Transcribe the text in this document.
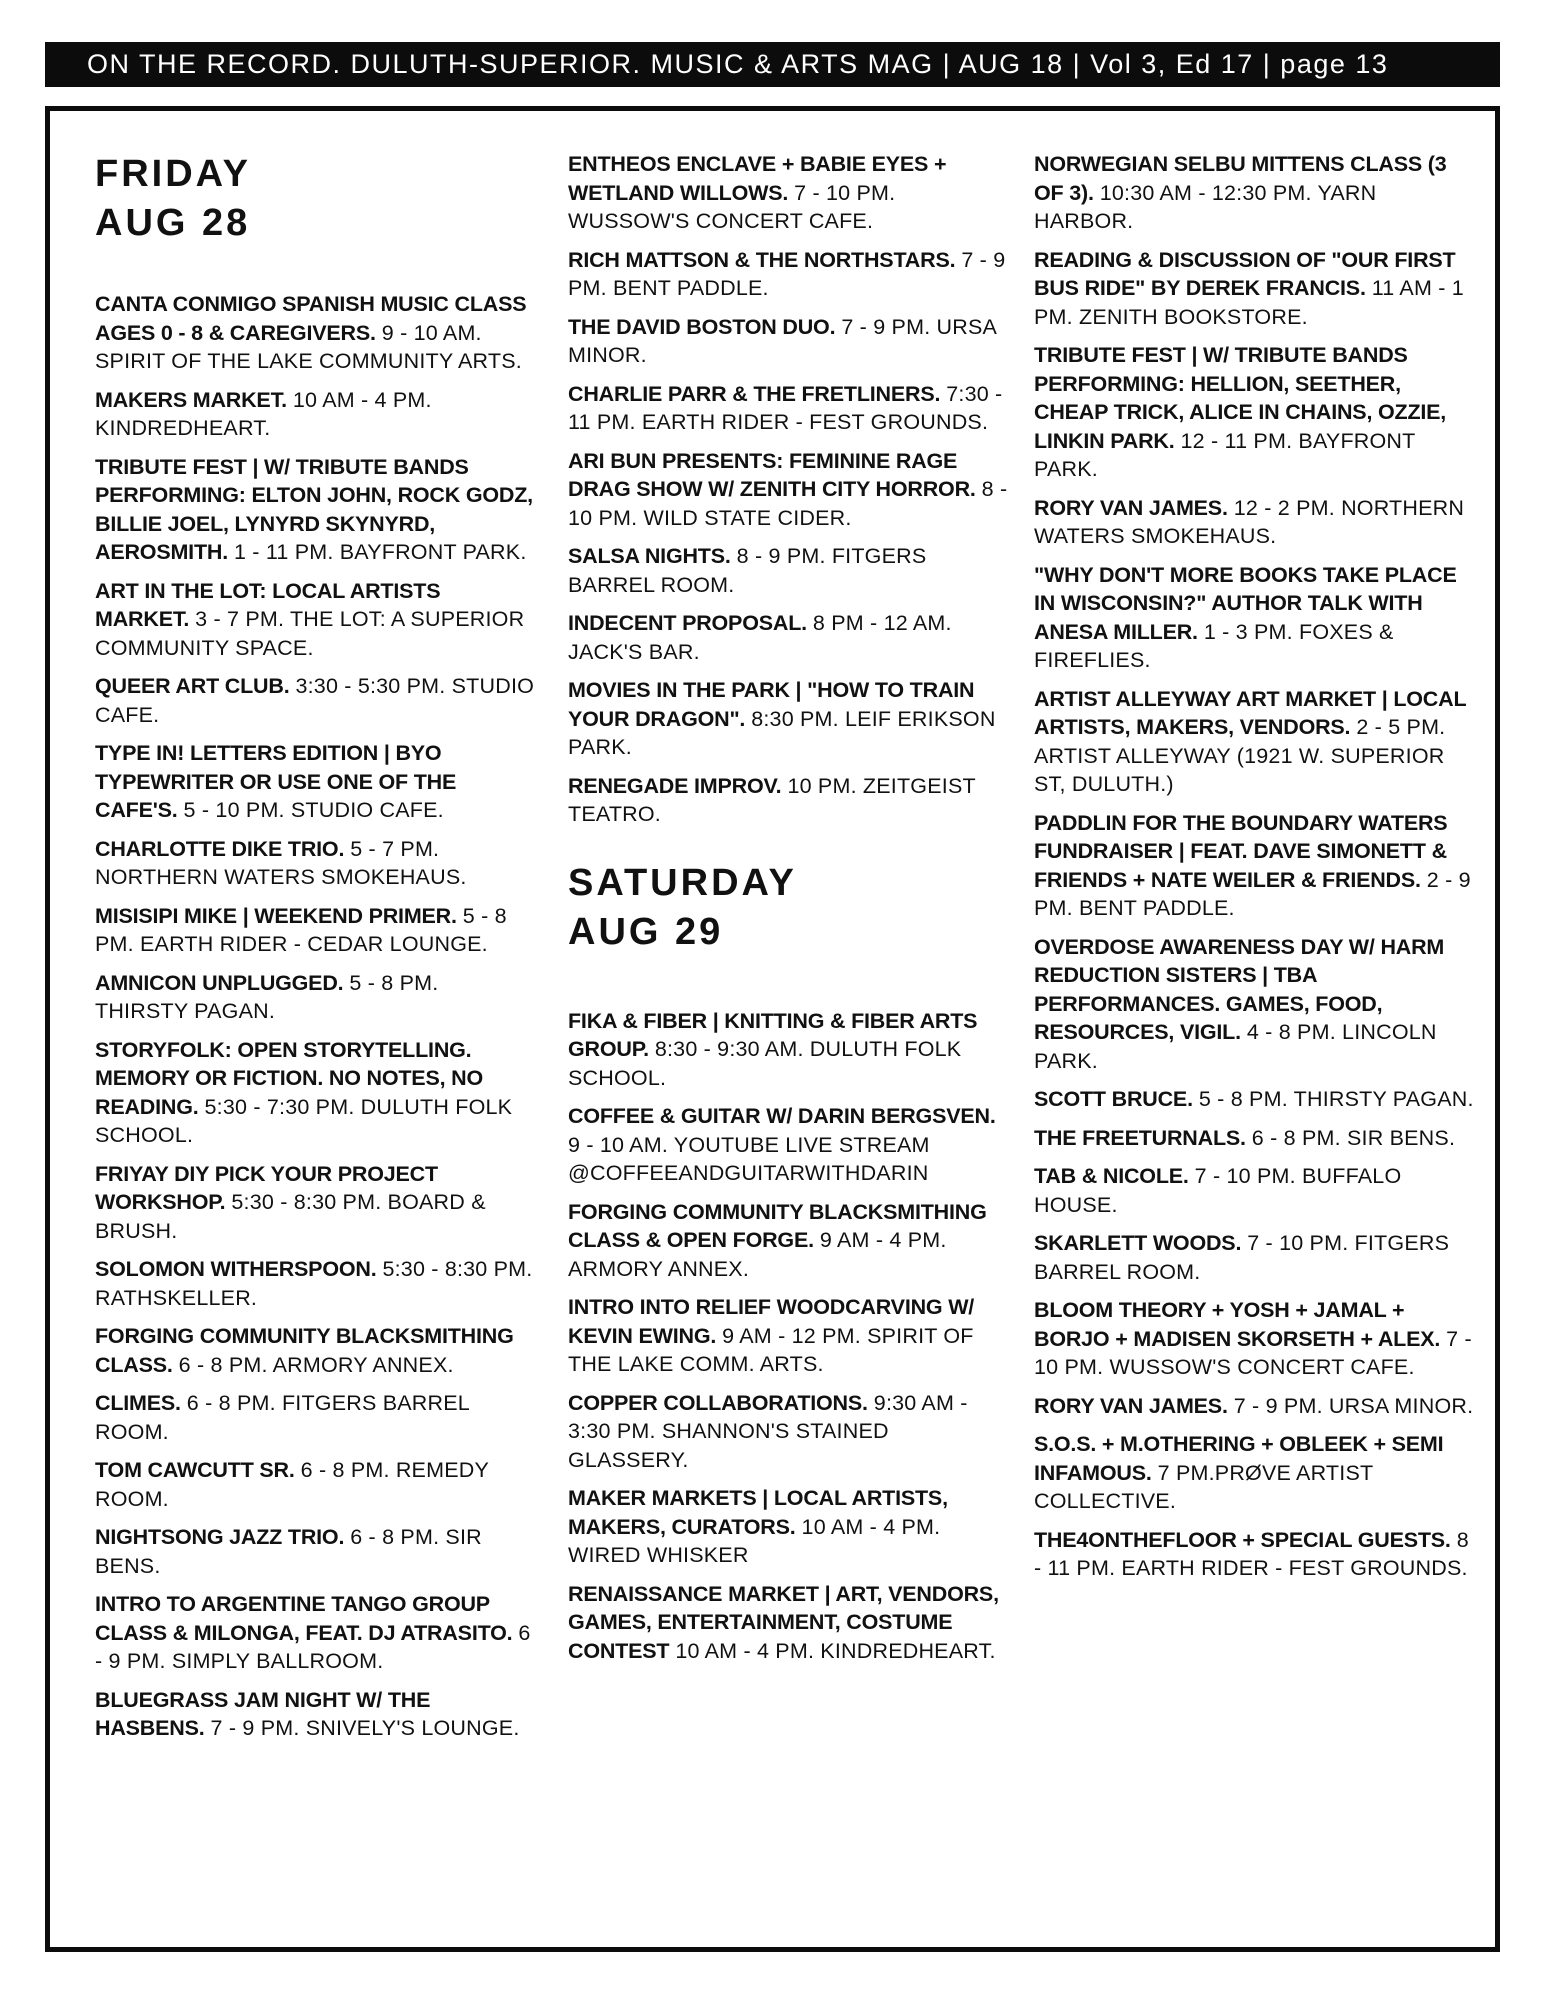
ON THE RECORD. DULUTH-SUPERIOR. MUSIC & ARTS MAG | AUG 18 | Vol 3, Ed 17 | page 13
FRIDAY
AUG 28
CANTA CONMIGO SPANISH MUSIC CLASS AGES 0 - 8 & CAREGIVERS. 9 - 10 AM. SPIRIT OF THE LAKE COMMUNITY ARTS.
MAKERS MARKET. 10 AM - 4 PM. KINDREDHEART.
TRIBUTE FEST | W/ TRIBUTE BANDS PERFORMING: ELTON JOHN, ROCK GODZ, BILLIE JOEL, LYNYRD SKYNYRD, AEROSMITH. 1 - 11 PM. BAYFRONT PARK.
ART IN THE LOT: LOCAL ARTISTS MARKET. 3 - 7 PM. THE LOT: A SUPERIOR COMMUNITY SPACE.
QUEER ART CLUB. 3:30 - 5:30 PM. STUDIO CAFE.
TYPE IN! LETTERS EDITION | BYO TYPEWRITER OR USE ONE OF THE CAFE'S. 5 - 10 PM. STUDIO CAFE.
CHARLOTTE DIKE TRIO. 5 - 7 PM. NORTHERN WATERS SMOKEHAUS.
MISISIPI MIKE | WEEKEND PRIMER. 5 - 8 PM. EARTH RIDER - CEDAR LOUNGE.
AMNICON UNPLUGGED. 5 - 8 PM. THIRSTY PAGAN.
STORYFOLK: OPEN STORYTELLING. MEMORY OR FICTION. NO NOTES, NO READING. 5:30 - 7:30 PM. DULUTH FOLK SCHOOL.
FRIYAY DIY PICK YOUR PROJECT WORKSHOP. 5:30 - 8:30 PM. BOARD & BRUSH.
SOLOMON WITHERSPOON. 5:30 - 8:30 PM. RATHSKELLER.
FORGING COMMUNITY BLACKSMITHING CLASS. 6 - 8 PM. ARMORY ANNEX.
CLIMES. 6 - 8 PM. FITGERS BARREL ROOM.
TOM CAWCUTT SR. 6 - 8 PM. REMEDY ROOM.
NIGHTSONG JAZZ TRIO. 6 - 8 PM. SIR BENS.
INTRO TO ARGENTINE TANGO GROUP CLASS & MILONGA, FEAT. DJ ATRASITO. 6 - 9 PM. SIMPLY BALLROOM.
BLUEGRASS JAM NIGHT W/ THE HASBENS. 7 - 9 PM. SNIVELY'S LOUNGE.
ENTHEOS ENCLAVE + BABIE EYES + WETLAND WILLOWS. 7 - 10 PM. WUSSOW'S CONCERT CAFE.
RICH MATTSON & THE NORTHSTARS. 7 - 9 PM. BENT PADDLE.
THE DAVID BOSTON DUO. 7 - 9 PM. URSA MINOR.
CHARLIE PARR & THE FRETLINERS. 7:30 - 11 PM. EARTH RIDER - FEST GROUNDS.
ARI BUN PRESENTS: FEMININE RAGE DRAG SHOW W/ ZENITH CITY HORROR. 8 - 10 PM. WILD STATE CIDER.
SALSA NIGHTS. 8 - 9 PM. FITGERS BARREL ROOM.
INDECENT PROPOSAL. 8 PM - 12 AM. JACK'S BAR.
MOVIES IN THE PARK | "HOW TO TRAIN YOUR DRAGON". 8:30 PM. LEIF ERIKSON PARK.
RENEGADE IMPROV. 10 PM. ZEITGEIST TEATRO.
SATURDAY
AUG 29
FIKA & FIBER | KNITTING & FIBER ARTS GROUP. 8:30 - 9:30 AM. DULUTH FOLK SCHOOL.
COFFEE & GUITAR W/ DARIN BERGSVEN. 9 - 10 AM. YOUTUBE LIVE STREAM @COFFEEANDGUITARWITHDARIN
FORGING COMMUNITY BLACKSMITHING CLASS & OPEN FORGE. 9 AM - 4 PM. ARMORY ANNEX.
INTRO INTO RELIEF WOODCARVING W/ KEVIN EWING. 9 AM - 12 PM. SPIRIT OF THE LAKE COMM. ARTS.
COPPER COLLABORATIONS. 9:30 AM - 3:30 PM. SHANNON'S STAINED GLASSERY.
MAKER MARKETS | LOCAL ARTISTS, MAKERS, CURATORS. 10 AM - 4 PM. WIRED WHISKER
RENAISSANCE MARKET | ART, VENDORS, GAMES, ENTERTAINMENT, COSTUME CONTEST 10 AM - 4 PM. KINDREDHEART.
NORWEGIAN SELBU MITTENS CLASS (3 OF 3). 10:30 AM - 12:30 PM. YARN HARBOR.
READING & DISCUSSION OF "OUR FIRST BUS RIDE" BY DEREK FRANCIS. 11 AM - 1 PM. ZENITH BOOKSTORE.
TRIBUTE FEST | W/ TRIBUTE BANDS PERFORMING: HELLION, SEETHER, CHEAP TRICK, ALICE IN CHAINS, OZZIE, LINKIN PARK. 12 - 11 PM. BAYFRONT PARK.
RORY VAN JAMES. 12 - 2 PM. NORTHERN WATERS SMOKEHAUS.
"WHY DON'T MORE BOOKS TAKE PLACE IN WISCONSIN?" AUTHOR TALK WITH ANESA MILLER. 1 - 3 PM. FOXES & FIREFLIES.
ARTIST ALLEYWAY ART MARKET | LOCAL ARTISTS, MAKERS, VENDORS. 2 - 5 PM. ARTIST ALLEYWAY (1921 W. SUPERIOR ST, DULUTH.)
PADDLIN FOR THE BOUNDARY WATERS FUNDRAISER | FEAT. DAVE SIMONETT & FRIENDS + NATE WEILER & FRIENDS. 2 - 9 PM. BENT PADDLE.
OVERDOSE AWARENESS DAY W/ HARM REDUCTION SISTERS | TBA PERFORMANCES. GAMES, FOOD, RESOURCES, VIGIL. 4 - 8 PM. LINCOLN PARK.
SCOTT BRUCE. 5 - 8 PM. THIRSTY PAGAN.
THE FREETURNALS. 6 - 8 PM. SIR BENS.
TAB & NICOLE. 7 - 10 PM. BUFFALO HOUSE.
SKARLETT WOODS. 7 - 10 PM. FITGERS BARREL ROOM.
BLOOM THEORY + YOSH + JAMAL + BORJO + MADISEN SKORSETH + ALEX. 7 - 10 PM. WUSSOW'S CONCERT CAFE.
RORY VAN JAMES. 7 - 9 PM. URSA MINOR.
S.O.S. + M.OTHERING + OBLEEK + SEMI INFAMOUS. 7 PM.PRØVE ARTIST COLLECTIVE.
THE4ONTHEFLOOR + SPECIAL GUESTS. 8 - 11 PM. EARTH RIDER - FEST GROUNDS.
